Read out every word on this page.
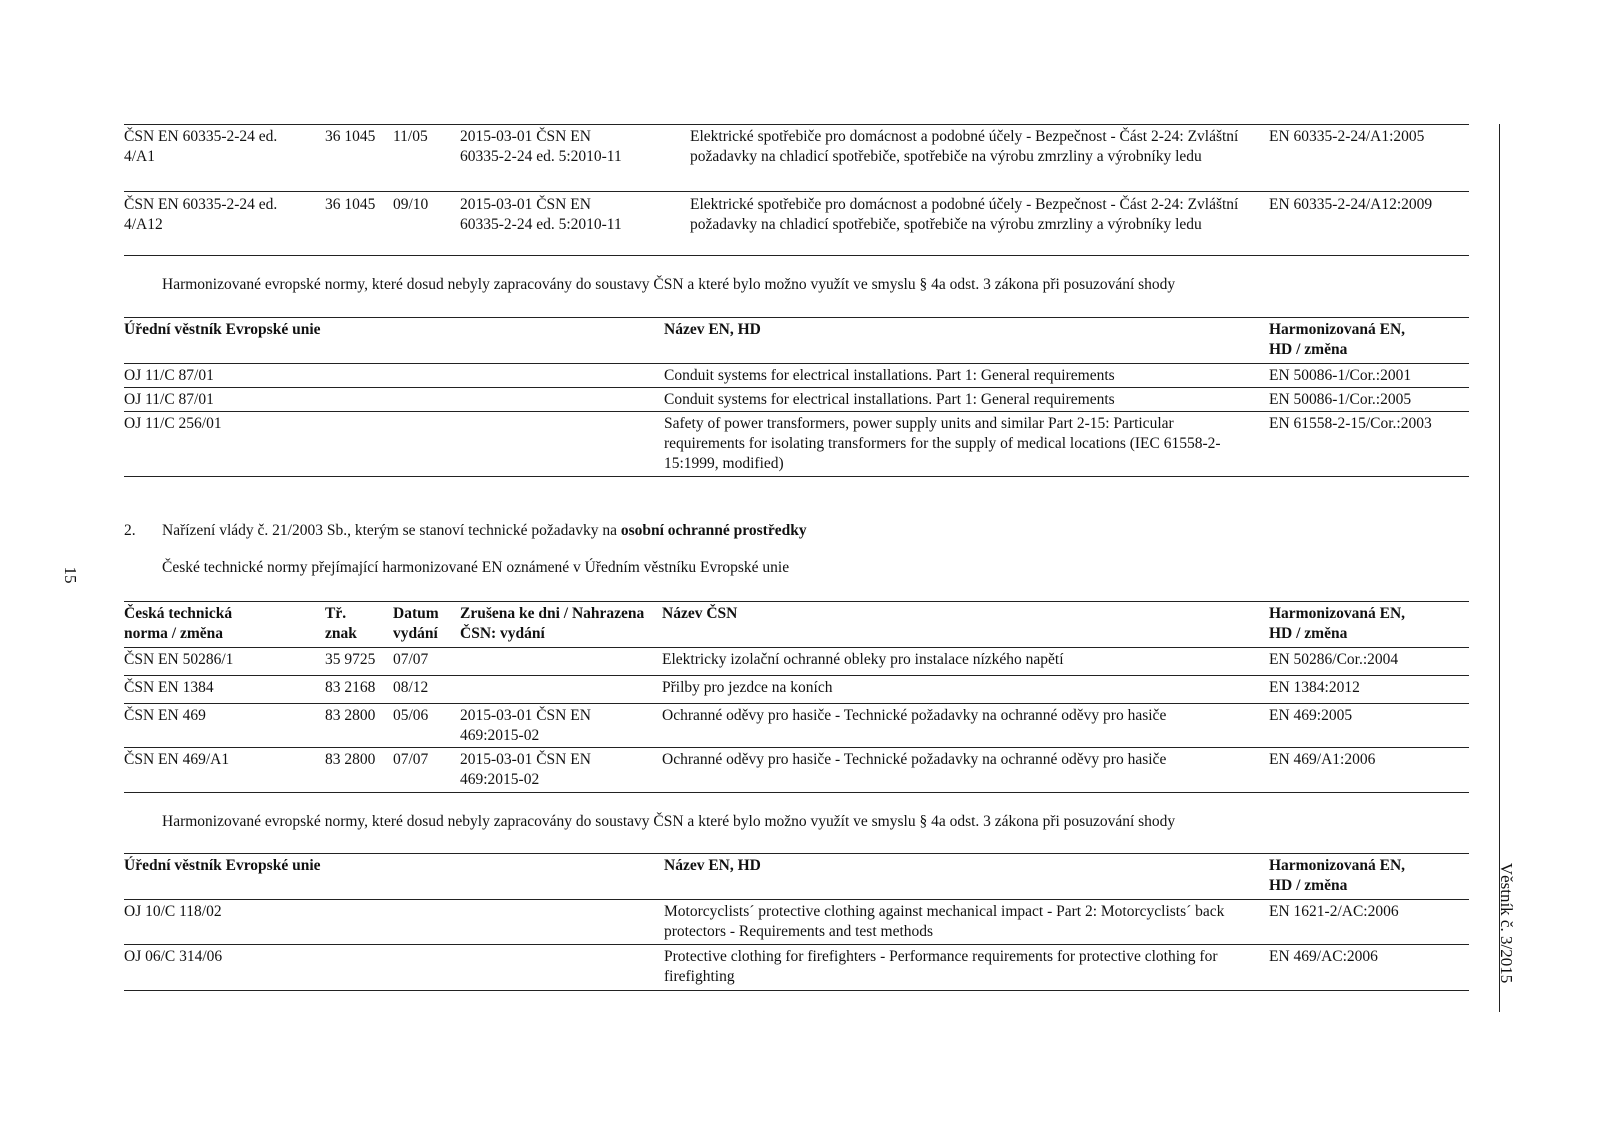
15
Věstník č. 3/2015
ČSN EN 60335-2-24 ed. 4/A1	36 1045	11/05	2015-03-01 ČSN EN 60335-2-24 ed. 5:2010-11	Elektrické spotřebiče pro domácnost a podobné účely - Bezpečnost - Část 2-24: Zvláštní požadavky na chladicí spotřebiče, spotřebiče na výrobu zmrzliny a výrobníky ledu	EN 60335-2-24/A1:2005
ČSN EN 60335-2-24 ed. 4/A12	36 1045	09/10	2015-03-01 ČSN EN 60335-2-24 ed. 5:2010-11	Elektrické spotřebiče pro domácnost a podobné účely - Bezpečnost - Část 2-24: Zvláštní požadavky na chladicí spotřebiče, spotřebiče na výrobu zmrzliny a výrobníky ledu	EN 60335-2-24/A12:2009
Harmonizované evropské normy, které dosud nebyly zapracovány do soustavy ČSN a které bylo možno využít ve smyslu § 4a odst. 3 zákona při posuzování shody
Úřední věstník Evropské unie	Název EN, HD	Harmonizovaná EN, HD / změna
OJ 11/C 87/01	Conduit systems for electrical installations. Part 1: General requirements	EN 50086-1/Cor.:2001
OJ 11/C 87/01	Conduit systems for electrical installations. Part 1: General requirements	EN 50086-1/Cor.:2005
OJ 11/C 256/01	Safety of power transformers, power supply units and similar Part 2-15: Particular requirements for isolating transformers for the supply of medical locations (IEC 61558-2-15:1999, modified)	EN 61558-2-15/Cor.:2003
2. Nařízení vlády č. 21/2003 Sb., kterým se stanoví technické požadavky na osobní ochranné prostředky
České technické normy přejímající harmonizované EN oznámené v Úředním věstníku Evropské unie
Česká technická norma / změna	Tř. znak	Datum vydání	Zrušena ke dni / Nahrazena ČSN: vydání	Název ČSN	Harmonizovaná EN, HD / změna
ČSN EN 50286/1	35 9725	07/07		Elektricky izolační ochranné obleky pro instalace nízkého napětí	EN 50286/Cor.:2004
ČSN EN 1384	83 2168	08/12		Přilby pro jezdce na koních	EN 1384:2012
ČSN EN 469	83 2800	05/06	2015-03-01 ČSN EN 469:2015-02	Ochranné oděvy pro hasiče - Technické požadavky na ochranné oděvy pro hasiče	EN 469:2005
ČSN EN 469/A1	83 2800	07/07	2015-03-01 ČSN EN 469:2015-02	Ochranné oděvy pro hasiče - Technické požadavky na ochranné oděvy pro hasiče	EN 469/A1:2006
Harmonizované evropské normy, které dosud nebyly zapracovány do soustavy ČSN a které bylo možno využít ve smyslu § 4a odst. 3 zákona při posuzování shody
Úřední věstník Evropské unie	Název EN, HD	Harmonizovaná EN, HD / změna
OJ 10/C 118/02	Motorcyclists´ protective clothing against mechanical impact - Part 2: Motorcyclists´ back protectors - Requirements and test methods	EN 1621-2/AC:2006
OJ 06/C 314/06	Protective clothing for firefighters - Performance requirements for protective clothing for firefighting	EN 469/AC:2006
